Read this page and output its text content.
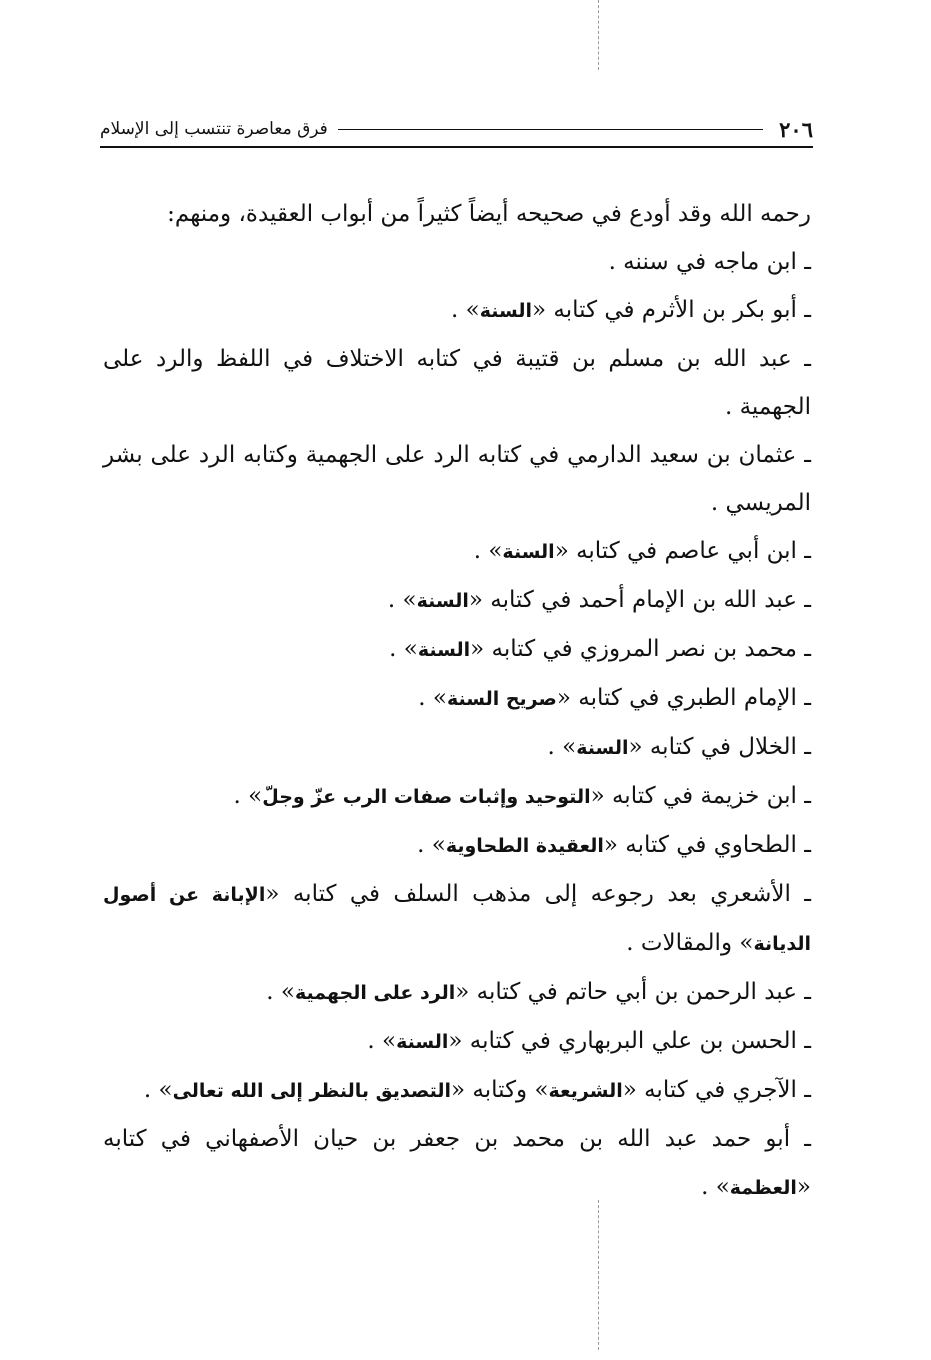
٢٠٦
فرق معاصرة تنتسب إلى الإسلام

رحمه الله وقد أودع في صحيحه أيضاً كثيراً من أبواب العقيدة، ومنهم:

ـ ابن ماجه في سننه .

ـ أبو بكر بن الأثرم في كتابه «السنة» .

ـ عبد الله بن مسلم بن قتيبة في كتابه الاختلاف في اللفظ والرد على الجهمية .

ـ عثمان بن سعيد الدارمي في كتابه الرد على الجهمية وكتابه الرد على بشر المريسي .

ـ ابن أبي عاصم في كتابه «السنة» .

ـ عبد الله بن الإمام أحمد في كتابه «السنة» .

ـ محمد بن نصر المروزي في كتابه «السنة» .

ـ الإمام الطبري في كتابه «صريح السنة» .

ـ الخلال في كتابه «السنة» .

ـ ابن خزيمة في كتابه «التوحيد وإثبات صفات الرب عزّ وجلّ» .

ـ الطحاوي في كتابه «العقيدة الطحاوية» .

ـ الأشعري بعد رجوعه إلى مذهب السلف في كتابه «الإبانة عن أصول الديانة» والمقالات .

ـ عبد الرحمن بن أبي حاتم في كتابه «الرد على الجهمية» .

ـ الحسن بن علي البربهاري في كتابه «السنة» .

ـ الآجري في كتابه «الشريعة» وكتابه «التصديق بالنظر إلى الله تعالى» .

ـ أبو حمد عبد الله بن محمد بن جعفر بن حيان الأصفهاني في كتابه «العظمة» .
